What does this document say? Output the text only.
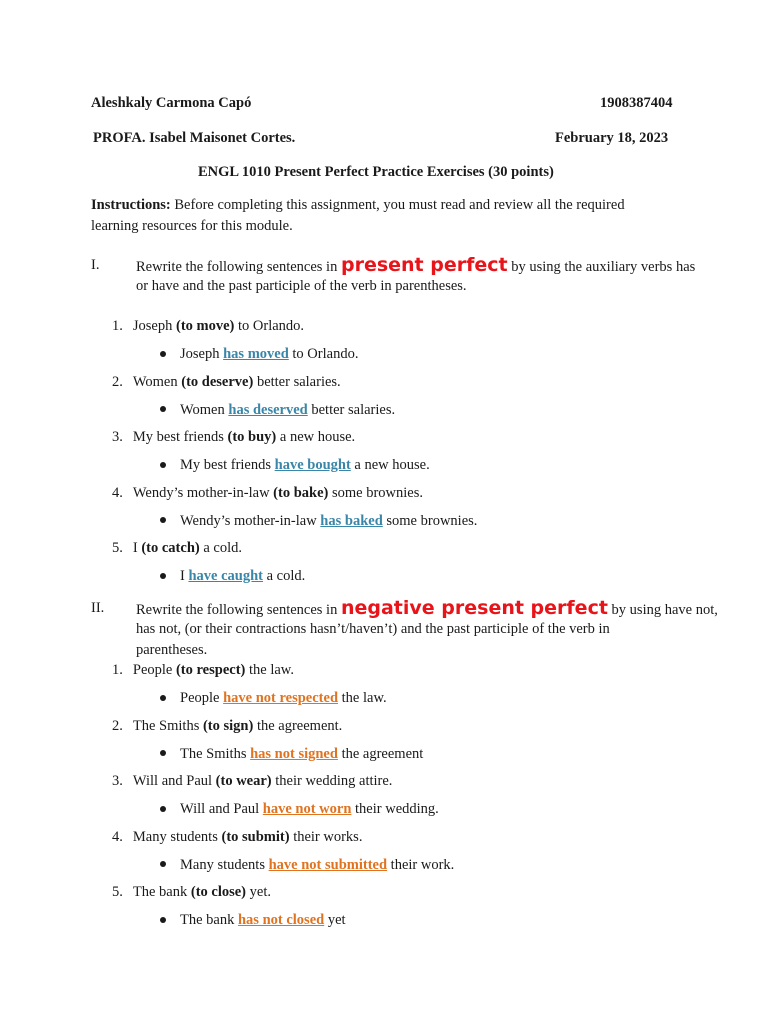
Aleshkaly Carmona Capó	1908387404
PROFA. Isabel Maisonet Cortes.	February 18, 2023
ENGL 1010 Present Perfect Practice Exercises (30 points)
Instructions: Before completing this assignment, you must read and review all the required
learning resources for this module.
I.	Rewrite the following sentences in present perfect by using the auxiliary verbs has
or have and the past participle of the verb in parentheses.
1. Joseph (to move) to Orlando.
Joseph has moved to Orlando.
2. Women (to deserve) better salaries.
Women has deserved better salaries.
3. My best friends (to buy) a new house.
My best friends have bought a new house.
4. Wendy’s mother-in-law (to bake) some brownies.
Wendy’s mother-in-law has baked some brownies.
5. I (to catch) a cold.
I have caught a cold.
1. People (to respect) the law.
People have not respected the law.
2. The Smiths (to sign) the agreement.
The Smiths has not signed the agreement
3. Will and Paul (to wear) their wedding attire.
Will and Paul have not worn their wedding.
4. Many students (to submit) their works.
Many students have not submitted their work.
5. The bank (to close) yet.
The bank has not closed yet
II. Rewrite the following sentences in negative present perfect by using have not,
has not, (or their contractions hasn’t/haven’t) and the past participle of the verb in
parentheses.
